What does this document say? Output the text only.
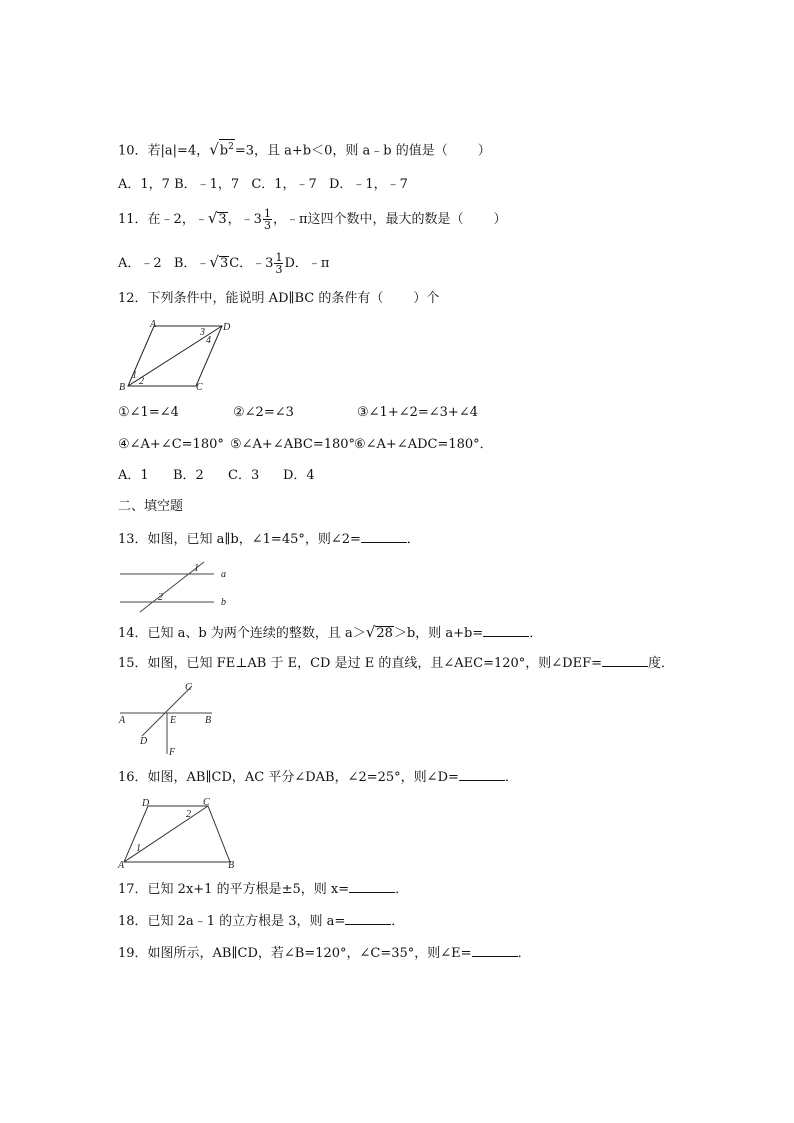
10．若|a|=4，$√b^2=3$，且 a+b＜0，则 a﹣b 的值是（ ）
A．1，7 B．﹣1，7 C．1，﹣7 D．﹣1，﹣7
11．在﹣2，﹣√3，﹣3 $\frac{1}{3}$ ，﹣π这四个数中，最大的数是（ ）
A．﹣2 B．﹣√3C．﹣3 $\frac{1}{3}$ D．﹣π
12．下列条件中，能说明 AD∥BC 的条件有（ ）个
A	D
B	C
1
2
3
4
①∠1=∠4	②∠2=∠3	③∠1+∠2=∠3+∠4
④∠A+∠C=180° ⑤∠A+∠ABC=180°⑥∠A+∠ADC=180°．
A．1 B．2 C．3 D．4
二、填空题
13．如图，已知 a∥b，∠1=45°，则∠2=	．
1
a
2	b
14．已知 a、b 为两个连续的整数，且 a＞√28＞b，则 a+b=	．
15．如图，已知 FE⊥AB 于 E，CD 是过 E 的直线，且∠AEC=120°，则∠DEF=	度．
C
A	E	B
D
F
16．如图，AB∥CD，AC 平分∠DAB，∠2=25°，则∠D=	．
D	C
2
1
A	B
17．已知 2x+1 的平方根是±5，则 x=	．
18．已知 2a﹣1 的立方根是 3，则 a=	．
19．如图所示，AB∥CD，若∠B=120°，∠C=35°，则∠E=	．
